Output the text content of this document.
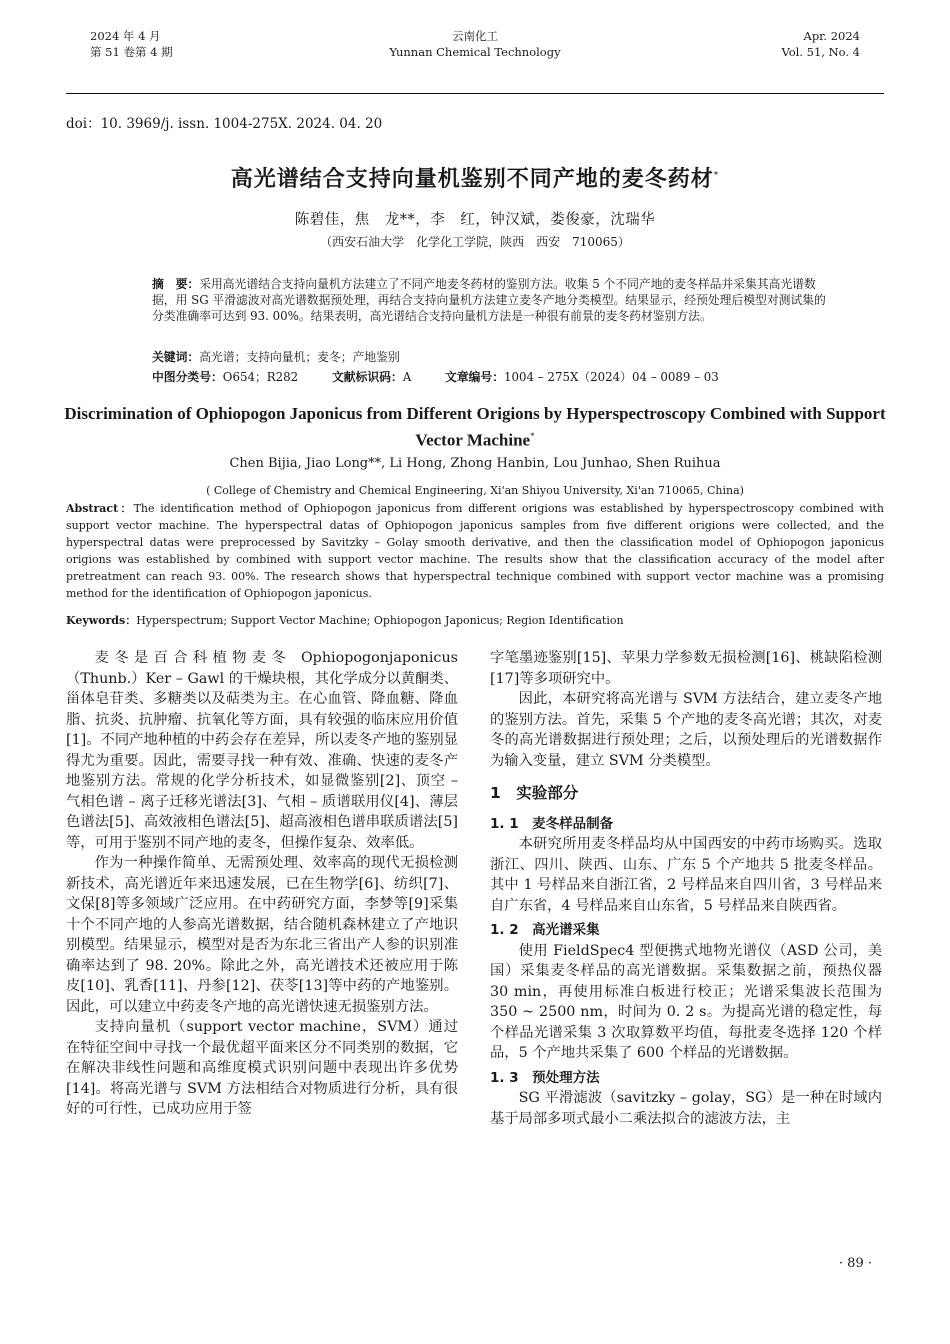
2024 年 4 月
第 51 卷第 4 期
云南化工
Yunnan Chemical Technology
Apr. 2024
Vol. 51, No. 4
doi：10. 3969/j. issn. 1004-275X. 2024. 04. 20
高光谱结合支持向量机鉴别不同产地的麦冬药材*
陈碧佳，焦　龙**，李　红，钟汉斌，娄俊豪，沈瑞华
（西安石油大学　化学化工学院，陕西　西安　710065）
摘　要：采用高光谱结合支持向量机方法建立了不同产地麦冬药材的鉴别方法。收集 5 个不同产地的麦冬样品并采集其高光谱数据，用 SG 平滑滤波对高光谱数据预处理，再结合支持向量机方法建立麦冬产地分类模型。结果显示，经预处理后模型对测试集的分类准确率可达到 93. 00%。结果表明，高光谱结合支持向量机方法是一种很有前景的麦冬药材鉴别方法。
关键词：高光谱；支持向量机；麦冬；产地鉴别
中图分类号：O654；R282	文献标识码：A	文章编号：1004 – 275X（2024）04 – 0089 – 03
Discrimination of Ophiopogon Japonicus from Different Origions by Hyperspectroscopy Combined with Support Vector Machine*
Chen Bijia, Jiao Long**, Li Hong, Zhong Hanbin, Lou Junhao, Shen Ruihua
( College of Chemistry and Chemical Engineering, Xi'an Shiyou University, Xi'an 710065, China)
Abstract：The identification method of Ophiopogon japonicus from different origions was established by hyperspectroscopy combined with support vector machine. The hyperspectral datas of Ophiopogon japonicus samples from five different origions were collected, and the hyperspectral datas were preprocessed by Savitzky – Golay smooth derivative, and then the classification model of Ophiopogon japonicus origions was established by combined with support vector machine. The results show that the classification accuracy of the model after pretreatment can reach 93. 00%. The research shows that hyperspectral technique combined with support vector machine was a promising method for the identification of Ophiopogon japonicus.
Keywords：Hyperspectrum; Support Vector Machine; Ophiopogon Japonicus; Region Identification

麦冬是百合科植物麦冬 Ophiopogonjaponicus（Thunb.）Ker – Gawl 的干燥块根，其化学成分以黄酮类、甾体皂苷类、多糖类以及萜类为主。在心血管、降血糖、降血脂、抗炎、抗肿瘤、抗氧化等方面，具有较强的临床应用价值[1]。不同产地种植的中药会存在差异，所以麦冬产地的鉴别显得尤为重要。因此，需要寻找一种有效、准确、快速的麦冬产地鉴别方法。常规的化学分析技术，如显微鉴别[2]、顶空 – 气相色谱 – 离子迁移光谱法[3]、气相 – 质谱联用仪[4]、薄层色谱法[5]、高效液相色谱法[5]、超高液相色谱串联质谱法[5]等，可用于鉴别不同产地的麦冬，但操作复杂、效率低。

作为一种操作简单、无需预处理、效率高的现代无损检测新技术，高光谱近年来迅速发展，已在生物学[6]、纺织[7]、文保[8]等多领域广泛应用。在中药研究方面，李梦等[9]采集十个不同产地的人参高光谱数据，结合随机森林建立了产地识别模型。结果显示，模型对是否为东北三省出产人参的识别准确率达到了 98. 20%。除此之外，高光谱技术还被应用于陈皮[10]、乳香[11]、丹参[12]、茯苓[13]等中药的产地鉴别。因此，可以建立中药麦冬产地的高光谱快速无损鉴别方法。

支持向量机（support vector machine，SVM）通过在特征空间中寻找一个最优超平面来区分不同类别的数据，它在解决非线性问题和高维度模式识别问题中表现出许多优势[14]。将高光谱与 SVM 方法相结合对物质进行分析，具有很好的可行性，已成功应用于签

字笔墨迹鉴别[15]、苹果力学参数无损检测[16]、桃缺陷检测[17]等多项研究中。

因此，本研究将高光谱与 SVM 方法结合，建立麦冬产地的鉴别方法。首先，采集 5 个产地的麦冬高光谱；其次，对麦冬的高光谱数据进行预处理；之后，以预处理后的光谱数据作为输入变量，建立 SVM 分类模型。

1　实验部分
1. 1　麦冬样品制备

本研究所用麦冬样品均从中国西安的中药市场购买。选取浙江、四川、陕西、山东、广东 5 个产地共 5 批麦冬样品。其中 1 号样品来自浙江省，2 号样品来自四川省，3 号样品来自广东省，4 号样品来自山东省，5 号样品来自陕西省。

1. 2　高光谱采集

使用 FieldSpec4 型便携式地物光谱仪（ASD 公司，美国）采集麦冬样品的高光谱数据。采集数据之前，预热仪器 30 min，再使用标准白板进行校正；光谱采集波长范围为 350 ~ 2500 nm，时间为 0. 2 s。为提高光谱的稳定性，每个样品光谱采集 3 次取算数平均值，每批麦冬选择 120 个样品，5 个产地共采集了 600 个样品的光谱数据。

1. 3　预处理方法

SG 平滑滤波（savitzky – golay，SG）是一种在时域内基于局部多项式最小二乘法拟合的滤波方法，主

· 89 ·
